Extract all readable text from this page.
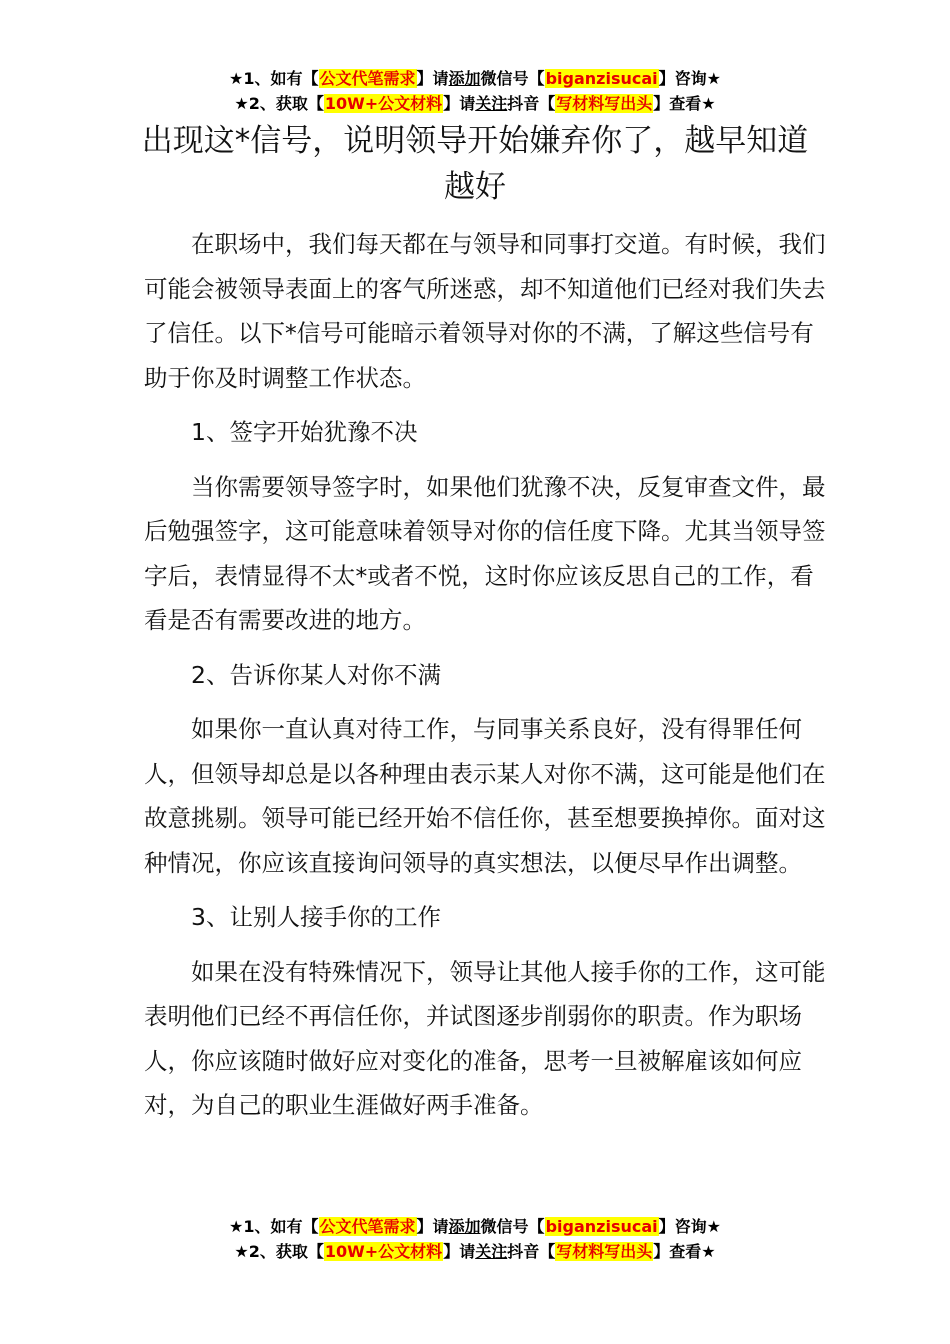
★1、如有【公文代笔需求】请添加微信号【biganzisucai】咨询★
★2、获取【10W+公文材料】请关注抖音【写材料写出头】查看★
出现这*信号，说明领导开始嫌弃你了，越早知道越好

在职场中，我们每天都在与领导和同事打交道。有时候，我们可能会被领导表面上的客气所迷惑，却不知道他们已经对我们失去了信任。以下*信号可能暗示着领导对你的不满，了解这些信号有助于你及时调整工作状态。

1、签字开始犹豫不决

当你需要领导签字时，如果他们犹豫不决，反复审查文件，最后勉强签字，这可能意味着领导对你的信任度下降。尤其当领导签字后，表情显得不太*或者不悦，这时你应该反思自己的工作，看看是否有需要改进的地方。

2、告诉你某人对你不满

如果你一直认真对待工作，与同事关系良好，没有得罪任何人，但领导却总是以各种理由表示某人对你不满，这可能是他们在故意挑剔。领导可能已经开始不信任你，甚至想要换掉你。面对这种情况，你应该直接询问领导的真实想法，以便尽早作出调整。

3、让别人接手你的工作

如果在没有特殊情况下，领导让其他人接手你的工作，这可能表明他们已经不再信任你，并试图逐步削弱你的职责。作为职场人，你应该随时做好应对变化的准备，思考一旦被解雇该如何应对，为自己的职业生涯做好两手准备。

★1、如有【公文代笔需求】请添加微信号【biganzisucai】咨询★
★2、获取【10W+公文材料】请关注抖音【写材料写出头】查看★
